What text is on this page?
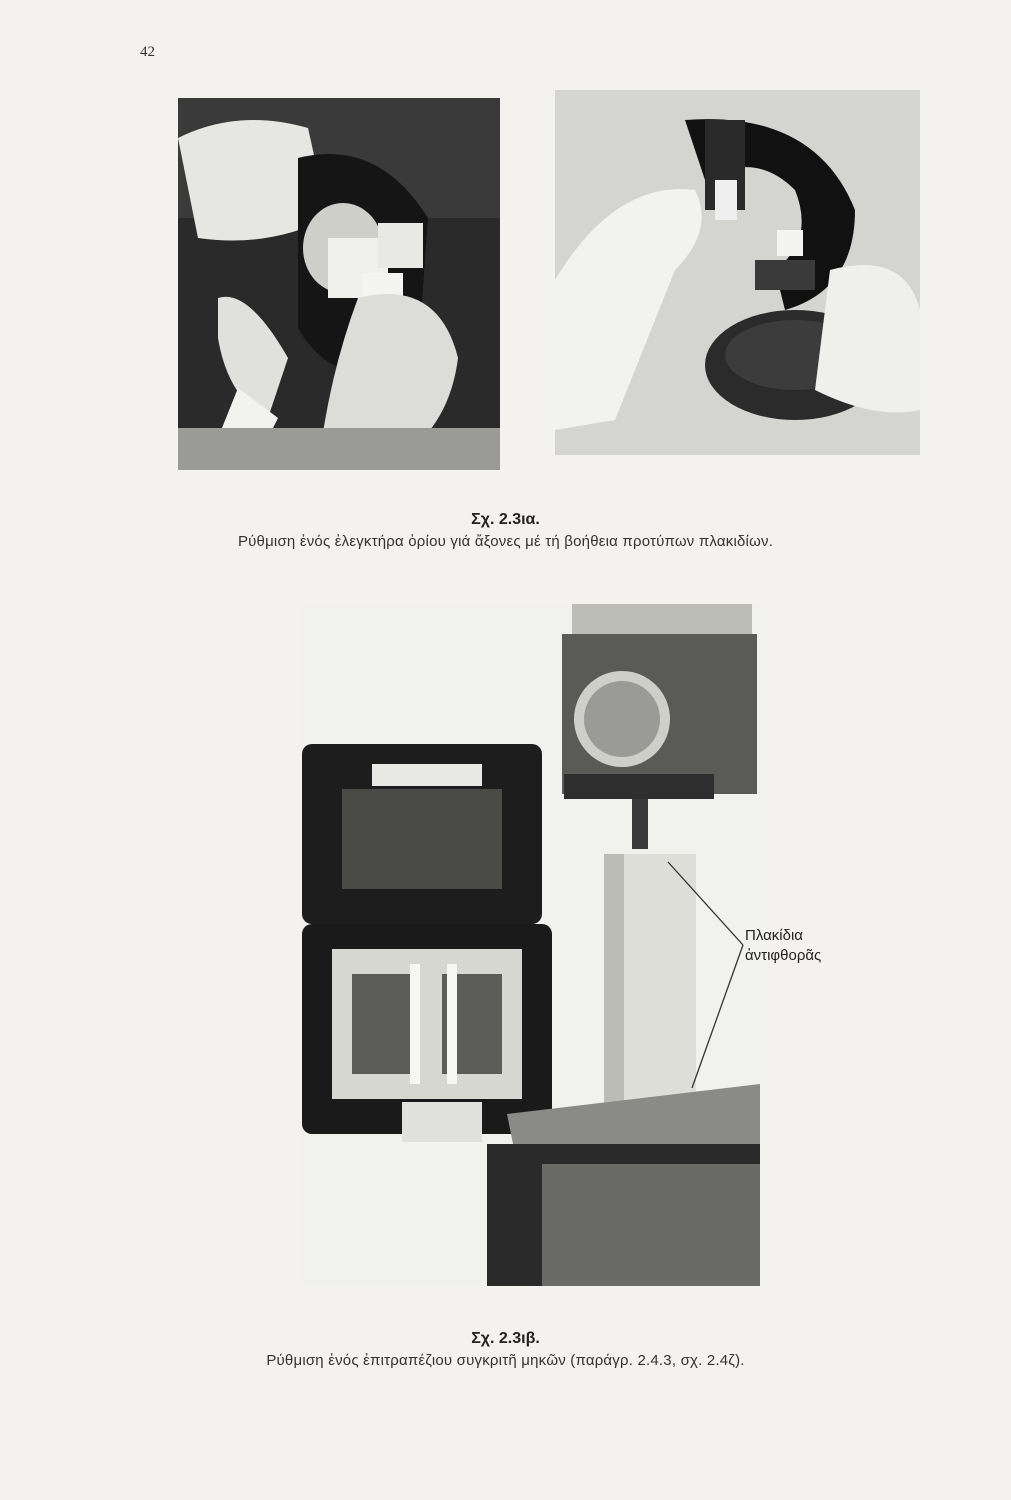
42
Σχ. 2.3ια.
Ρύθμιση ἑνός ἐλεγκτήρα ὁρίου γιά ἄξονες μέ τή βοήθεια προτύπων πλακιδίων.
Πλακίδια
ἀντιφθορᾶς
Σχ. 2.3ιβ.
Ρύθμιση ἑνός ἐπιτραπέζιου συγκριτῆ μηκῶν (παράγρ. 2.4.3, σχ. 2.4ζ).
